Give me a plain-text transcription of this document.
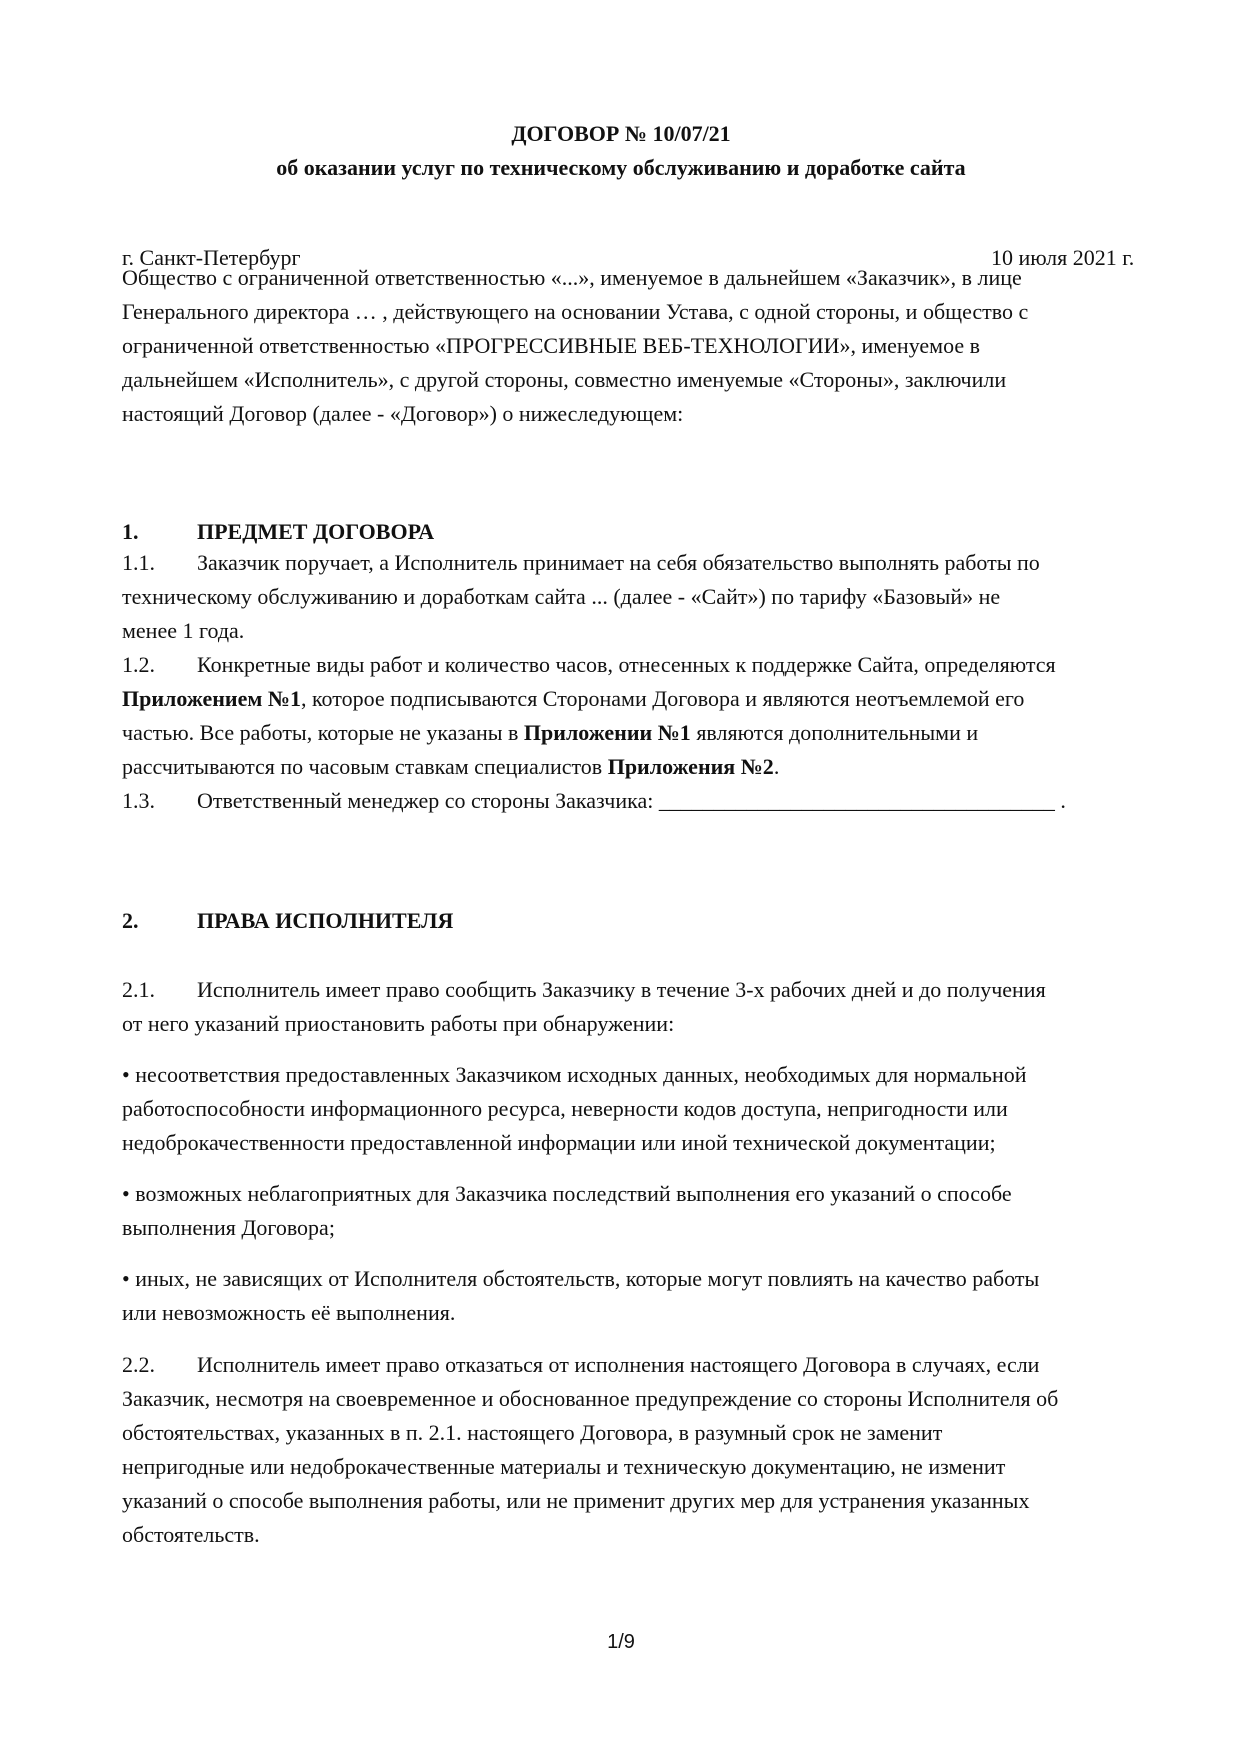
ДОГОВОР № 10/07/21
об оказании услуг по техническому обслуживанию и доработке сайта
г. Санкт-Петербург	10 июля 2021 г.
Общество с ограниченной ответственностью «...», именуемое в дальнейшем «Заказчик», в лице
Генерального директора … , действующего на основании Устава, с одной стороны, и общество с
ограниченной ответственностью «ПРОГРЕССИВНЫЕ ВЕБ-ТЕХНОЛОГИИ», именуемое в
дальнейшем «Исполнитель», с другой стороны, совместно именуемые «Стороны», заключили
настоящий Договор (далее - «Договор») о нижеследующем:
1.	ПРЕДМЕТ ДОГОВОРА
1.1. Заказчик поручает, а Исполнитель принимает на себя обязательство выполнять работы по
техническому обслуживанию и доработкам сайта ... (далее - «Сайт») по тарифу «Базовый» не
менее 1 года.
1.2. Конкретные виды работ и количество часов, отнесенных к поддержке Сайта, определяются
Приложением №1, которое подписываются Сторонами Договора и являются неотъемлемой его
частью. Все работы, которые не указаны в Приложении №1 являются дополнительными и
рассчитываются по часовым ставкам специалистов Приложения №2.
1.3. Ответственный менеджер со стороны Заказчика: ____________________________________ .
2.	ПРАВА ИСПОЛНИТЕЛЯ
2.1. Исполнитель имеет право сообщить Заказчику в течение 3-х рабочих дней и до получения
от него указаний приостановить работы при обнаружении:
• несоответствия предоставленных Заказчиком исходных данных, необходимых для нормальной
работоспособности информационного ресурса, неверности кодов доступа, непригодности или
недоброкачественности предоставленной информации или иной технической документации;
• возможных неблагоприятных для Заказчика последствий выполнения его указаний о способе
выполнения Договора;
• иных, не зависящих от Исполнителя обстоятельств, которые могут повлиять на качество работы
или невозможность её выполнения.
2.2. Исполнитель имеет право отказаться от исполнения настоящего Договора в случаях, если
Заказчик, несмотря на своевременное и обоснованное предупреждение со стороны Исполнителя об
обстоятельствах, указанных в п. 2.1. настоящего Договора, в разумный срок не заменит
непригодные или недоброкачественные материалы и техническую документацию, не изменит
указаний о способе выполнения работы, или не применит других мер для устранения указанных
обстоятельств.
1/9
